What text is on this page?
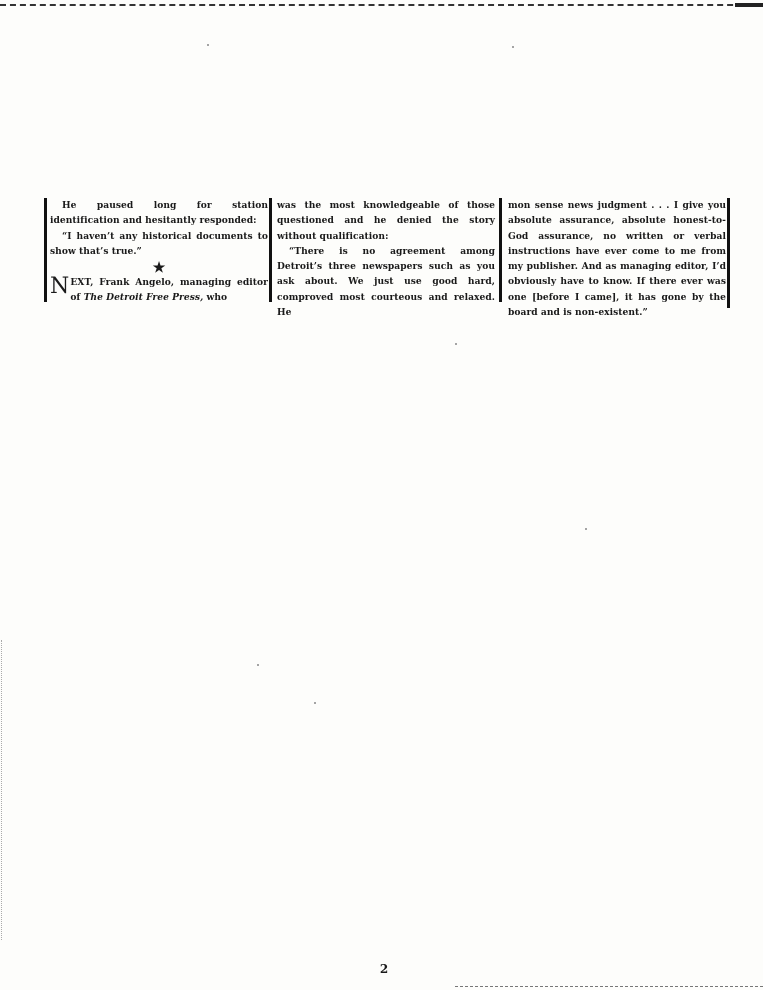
He paused long for station identification and hesitantly responded:

“I haven’t any historical documents to show that’s true.”

★

NEXT, Frank Angelo, managing editor of The Detroit Free Press, who

was the most knowledgeable of those questioned and he denied the story without qualification:

“There is no agreement among Detroit’s three newspapers such as you ask about. We just use good hard, comproved most courteous and relaxed. He

mon sense news judgment . . . I give you absolute assurance, absolute honest-to-God assurance, no written or verbal instructions have ever come to me from my publisher. And as managing editor, I’d obviously have to know. If there ever was one [before I came], it has gone by the board and is non-existent.”

2
